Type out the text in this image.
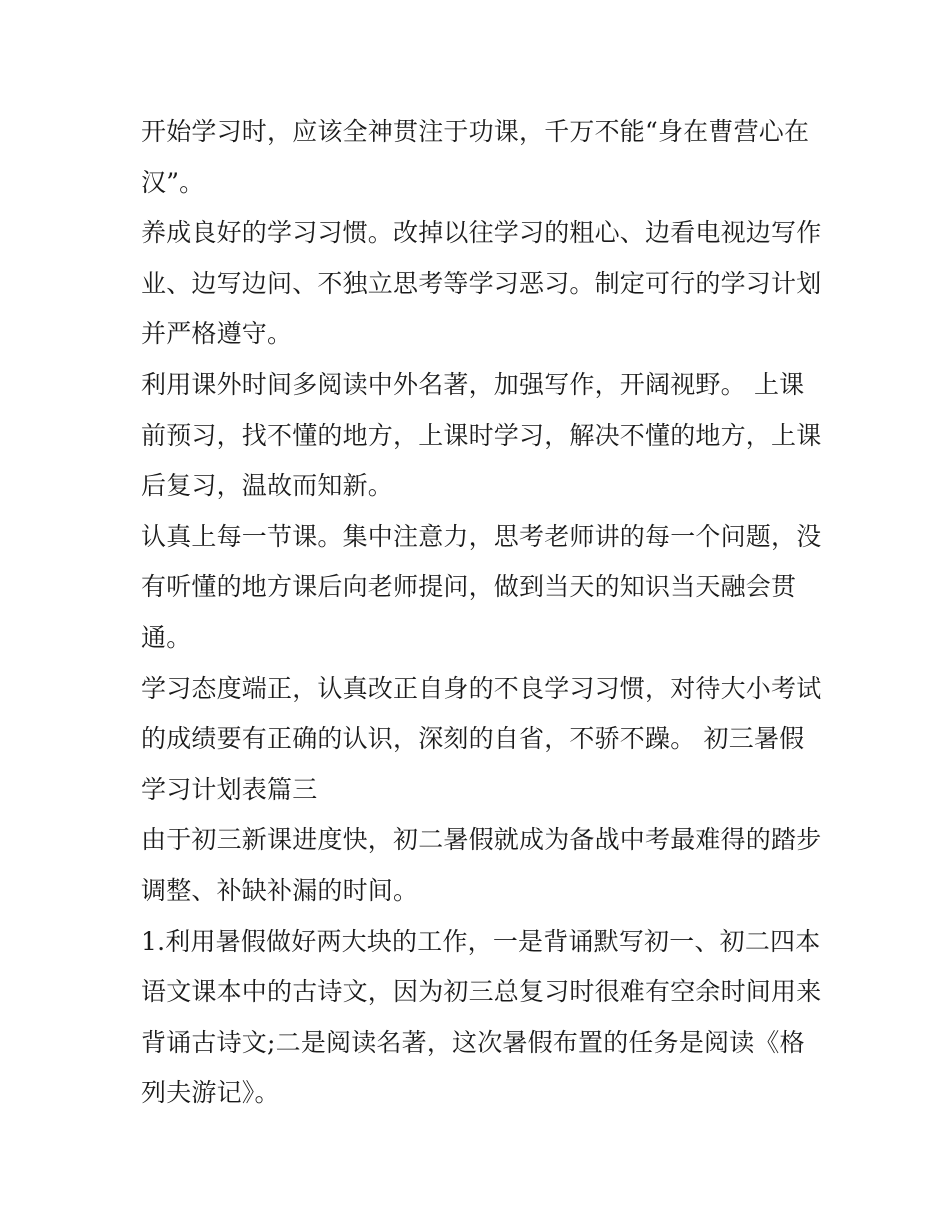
开始学习时，应该全神贯注于功课，千万不能“身在曹营心在
汉”。
养成良好的学习习惯。改掉以往学习的粗心、边看电视边写作
业、边写边问、不独立思考等学习恶习。制定可行的学习计划
并严格遵守。
利用课外时间多阅读中外名著，加强写作，开阔视野。 上课
前预习，找不懂的地方，上课时学习，解决不懂的地方，上课
后复习，温故而知新。
认真上每一节课。集中注意力，思考老师讲的每一个问题，没
有听懂的地方课后向老师提问，做到当天的知识当天融会贯
通。
学习态度端正，认真改正自身的不良学习习惯，对待大小考试
的成绩要有正确的认识，深刻的自省，不骄不躁。 初三暑假
学习计划表篇三
由于初三新课进度快，初二暑假就成为备战中考最难得的踏步
调整、补缺补漏的时间。
1.利用暑假做好两大块的工作，一是背诵默写初一、初二四本
语文课本中的古诗文，因为初三总复习时很难有空余时间用来
背诵古诗文;二是阅读名著，这次暑假布置的任务是阅读《格
列夫游记》。
